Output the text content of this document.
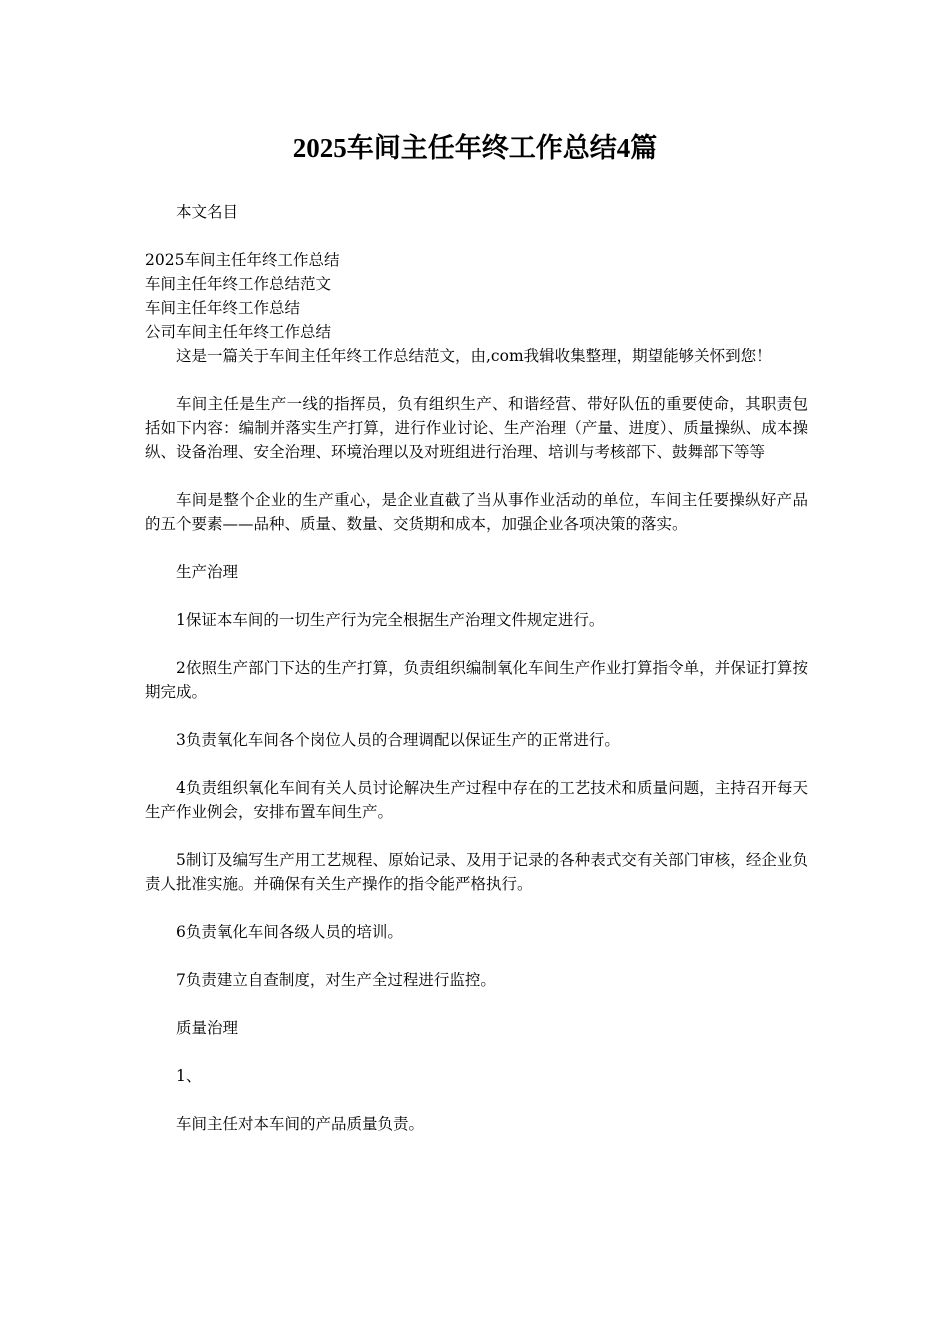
2025车间主任年终工作总结4篇

本文名目

2025车间主任年终工作总结
车间主任年终工作总结范文
车间主任年终工作总结
公司车间主任年终工作总结

这是一篇关于车间主任年终工作总结范文，由,com我辑收集整理，期望能够关怀到您！

车间主任是生产一线的指挥员，负有组织生产、和谐经营、带好队伍的重要使命，其职责包括如下内容：编制并落实生产打算，进行作业讨论、生产治理（产量、进度）、质量操纵、成本操纵、设备治理、安全治理、环境治理以及对班组进行治理、培训与考核部下、鼓舞部下等等

车间是整个企业的生产重心，是企业直截了当从事作业活动的单位，车间主任要操纵好产品的五个要素——品种、质量、数量、交货期和成本，加强企业各项决策的落实。

生产治理

1保证本车间的一切生产行为完全根据生产治理文件规定进行。

2依照生产部门下达的生产打算，负责组织编制氧化车间生产作业打算指令单，并保证打算按期完成。

3负责氧化车间各个岗位人员的合理调配以保证生产的正常进行。

4负责组织氧化车间有关人员讨论解决生产过程中存在的工艺技术和质量问题，主持召开每天生产作业例会，安排布置车间生产。

5制订及编写生产用工艺规程、原始记录、及用于记录的各种表式交有关部门审核，经企业负责人批准实施。并确保有关生产操作的指令能严格执行。

6负责氧化车间各级人员的培训。

7负责建立自查制度，对生产全过程进行监控。

质量治理

1、

车间主任对本车间的产品质量负责。
